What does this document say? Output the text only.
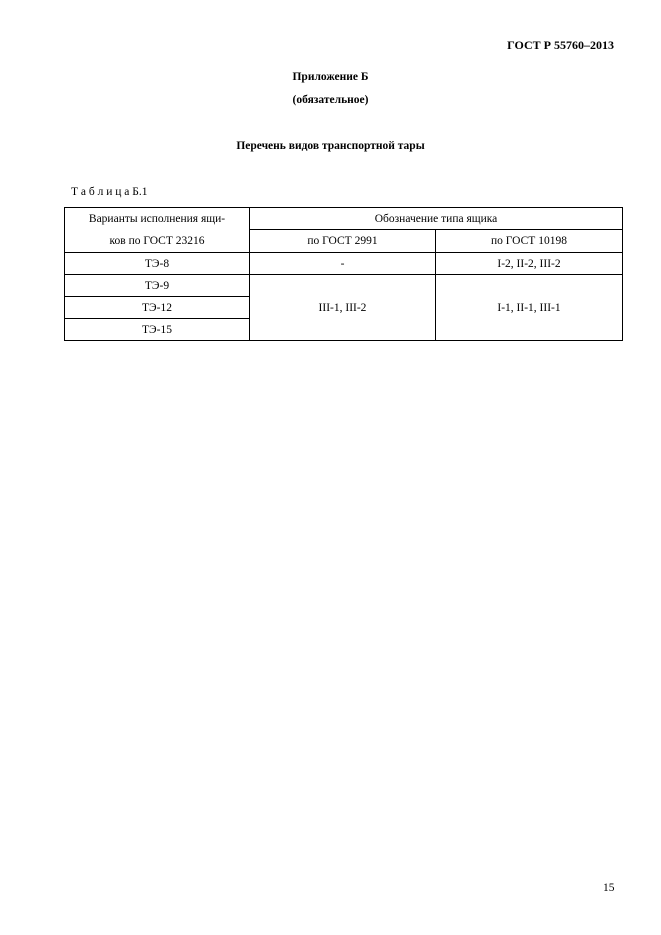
ГОСТ Р 55760–2013
Приложение Б
(обязательное)
Перечень видов транспортной тары
Т а б л и ц а Б.1
Варианты исполнения ящи-
ков по ГОСТ 23216	Обозначение типа ящика	
	по ГОСТ 2991	по ГОСТ 10198
ТЭ-8	-	I-2, II-2, III-2
ТЭ-9	III-1, III-2	I-1, II-1, III-1
ТЭ-12		
ТЭ-15		
15
